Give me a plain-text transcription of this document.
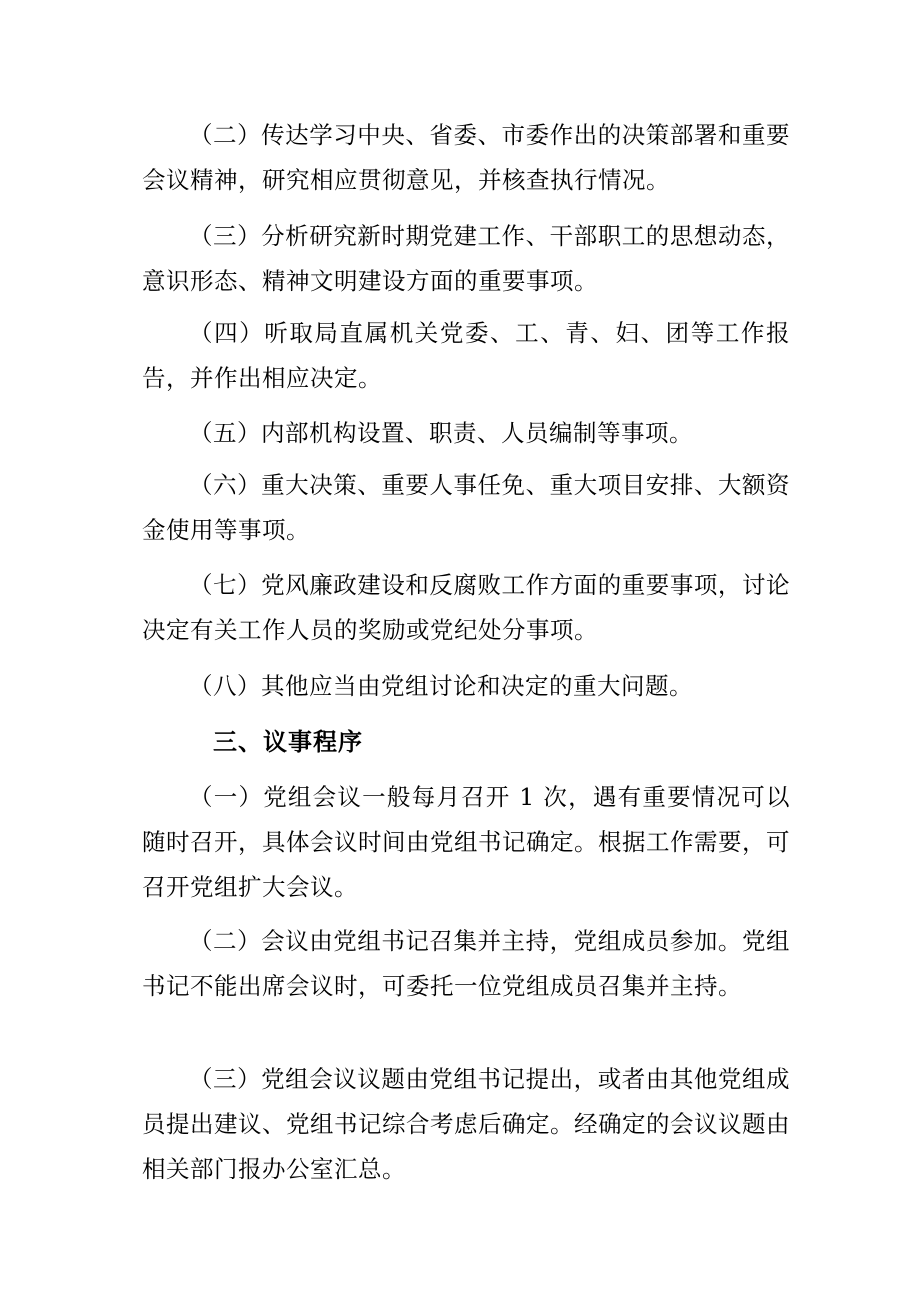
（二）传达学习中央、省委、市委作出的决策部署和重要会议精神，研究相应贯彻意见，并核查执行情况。

（三）分析研究新时期党建工作、干部职工的思想动态，意识形态、精神文明建设方面的重要事项。

（四）听取局直属机关党委、工、青、妇、团等工作报告，并作出相应决定。

（五）内部机构设置、职责、人员编制等事项。

（六）重大决策、重要人事任免、重大项目安排、大额资金使用等事项。

（七）党风廉政建设和反腐败工作方面的重要事项，讨论决定有关工作人员的奖励或党纪处分事项。

（八）其他应当由党组讨论和决定的重大问题。

三、议事程序

（一）党组会议一般每月召开 1 次，遇有重要情况可以随时召开，具体会议时间由党组书记确定。根据工作需要，可召开党组扩大会议。

（二）会议由党组书记召集并主持，党组成员参加。党组书记不能出席会议时，可委托一位党组成员召集并主持。

（三）党组会议议题由党组书记提出，或者由其他党组成员提出建议、党组书记综合考虑后确定。经确定的会议议题由相关部门报办公室汇总。
